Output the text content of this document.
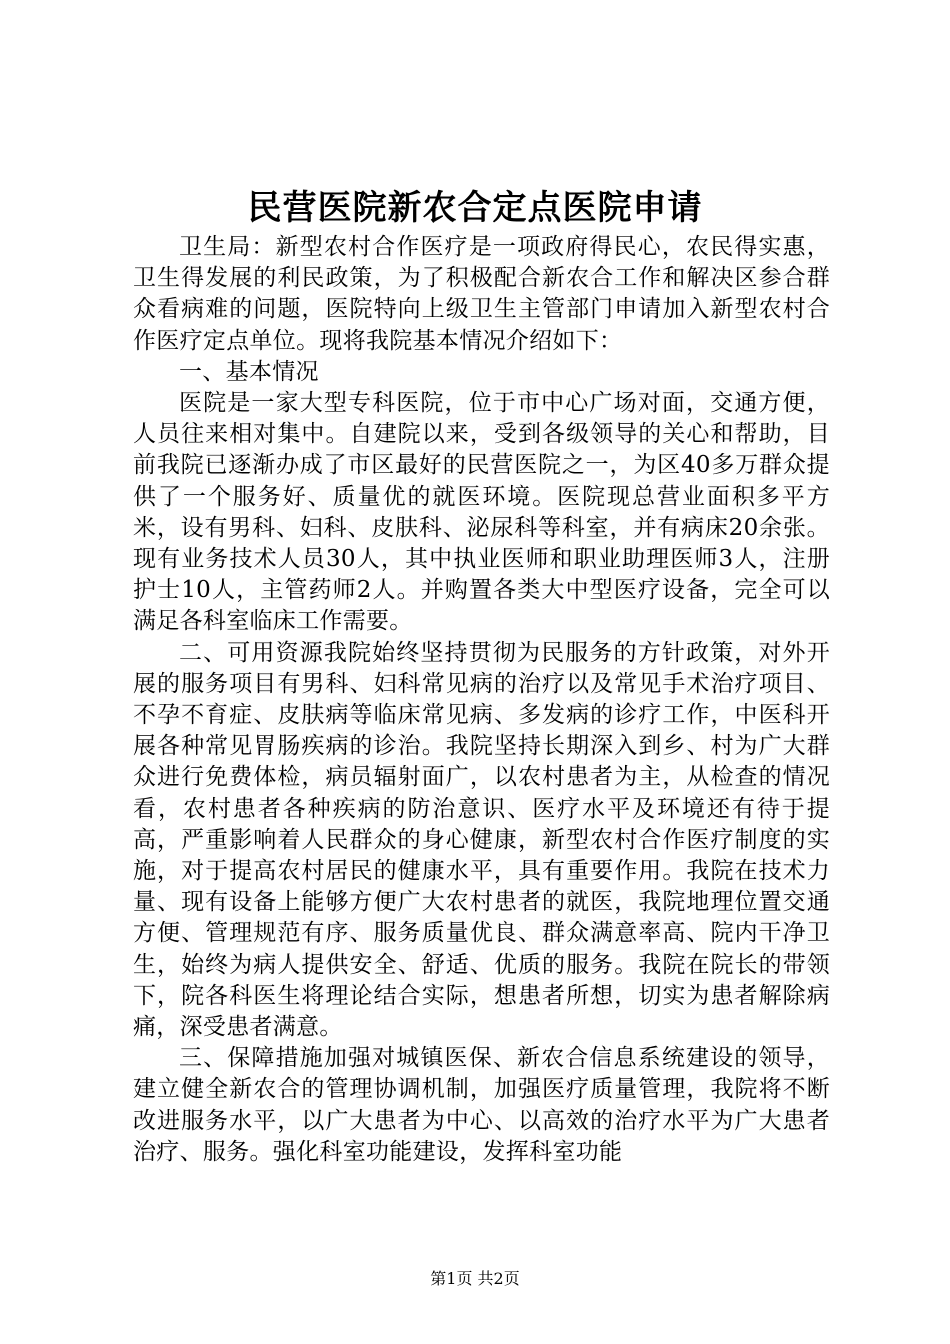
民营医院新农合定点医院申请

卫生局：新型农村合作医疗是一项政府得民心，农民得实惠，卫生得发展的利民政策，为了积极配合新农合工作和解决区参合群众看病难的问题，医院特向上级卫生主管部门申请加入新型农村合作医疗定点单位。现将我院基本情况介绍如下：

一、基本情况

医院是一家大型专科医院，位于市中心广场对面，交通方便，人员往来相对集中。自建院以来，受到各级领导的关心和帮助，目前我院已逐渐办成了市区最好的民营医院之一，为区40多万群众提供了一个服务好、质量优的就医环境。医院现总营业面积多平方米，设有男科、妇科、皮肤科、泌尿科等科室，并有病床20余张。现有业务技术人员30人，其中执业医师和职业助理医师3人，注册护士10人，主管药师2人。并购置各类大中型医疗设备，完全可以满足各科室临床工作需要。

二、可用资源我院始终坚持贯彻为民服务的方针政策，对外开展的服务项目有男科、妇科常见病的治疗以及常见手术治疗项目、不孕不育症、皮肤病等临床常见病、多发病的诊疗工作，中医科开展各种常见胃肠疾病的诊治。我院坚持长期深入到乡、村为广大群众进行免费体检，病员辐射面广，以农村患者为主，从检查的情况看，农村患者各种疾病的防治意识、医疗水平及环境还有待于提高，严重影响着人民群众的身心健康，新型农村合作医疗制度的实施，对于提高农村居民的健康水平，具有重要作用。我院在技术力量、现有设备上能够方便广大农村患者的就医，我院地理位置交通方便、管理规范有序、服务质量优良、群众满意率高、院内干净卫生，始终为病人提供安全、舒适、优质的服务。我院在院长的带领下，院各科医生将理论结合实际，想患者所想，切实为患者解除病痛，深受患者满意。

三、保障措施加强对城镇医保、新农合信息系统建设的领导，建立健全新农合的管理协调机制，加强医疗质量管理，我院将不断改进服务水平，以广大患者为中心、以高效的治疗水平为广大患者治疗、服务。强化科室功能建设，发挥科室功能

第1页 共2页
